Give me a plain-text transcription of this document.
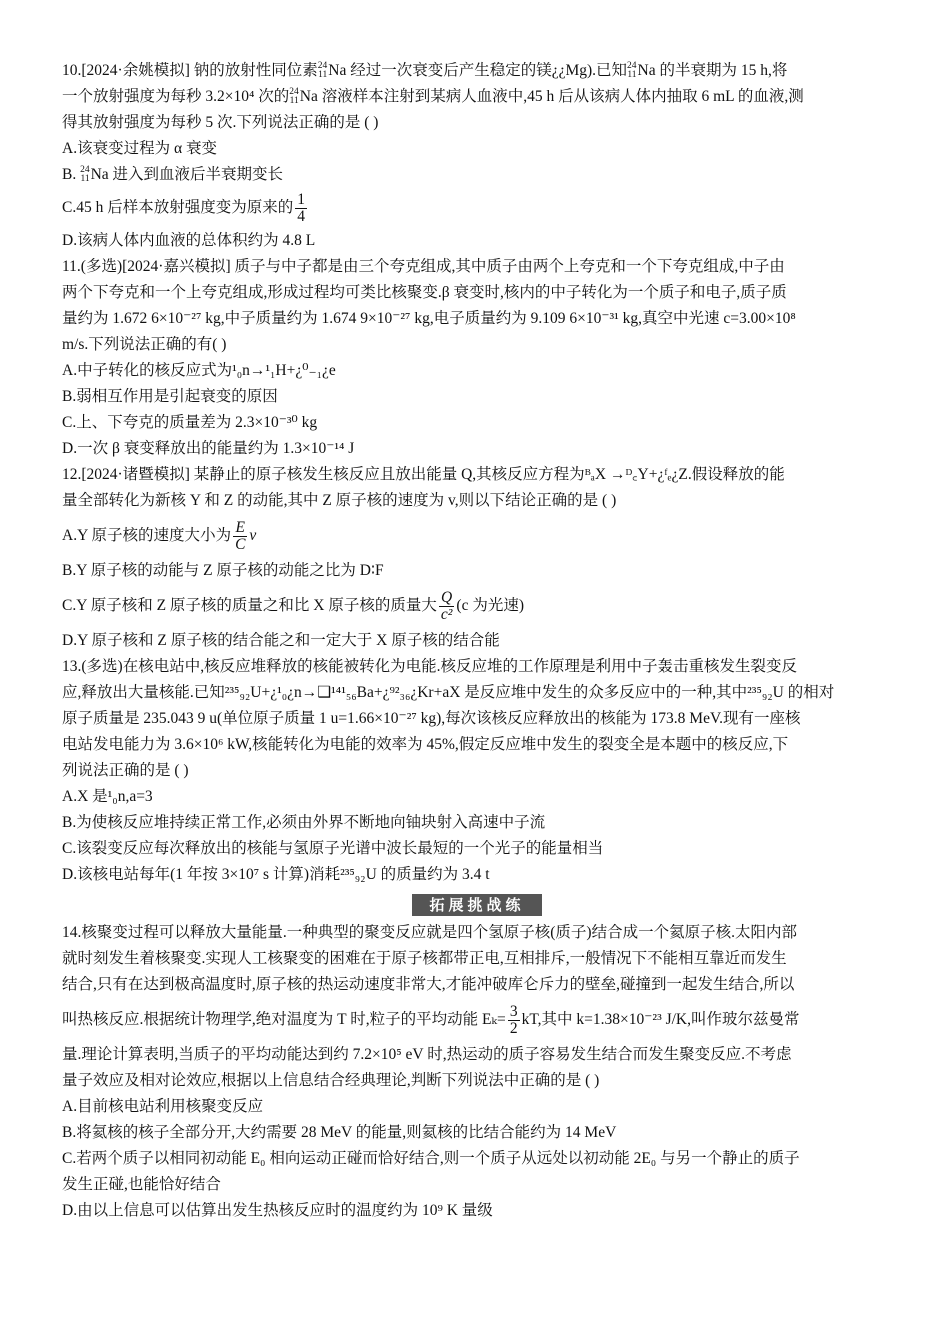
10.[2024·余姚模拟] 钠的放射性同位素 24
11 Na 经过一次衰变后产生稳定的镁¿¿Mg).已知 24
11 Na 的半衰期为 15 h,将
一个放射强度为每秒 3.2×10⁴ 次的 24
11 Na 溶液样本注射到某病人血液中,45 h 后从该病人体内抽取 6 mL 的血液,测
得其放射强度为每秒 5 次.下列说法正确的是 ( )
A.该衰变过程为 α 衰变
B. 24
11 Na 进入到血液后半衰期变长
C.45 h 后样本放射强度变为原来的 $\frac{1}{4}$
D.该病人体内血液的总体积约为 4.8 L
11.(多选)[2024·嘉兴模拟] 质子与中子都是由三个夸克组成,其中质子由两个上夸克和一个下夸克组成,中子由
两个下夸克和一个上夸克组成,形成过程均可类比核聚变.β 衰变时,核内的中子转化为一个质子和电子,质子质
量约为 1.672 6×10⁻²⁷ kg,中子质量约为 1.674 9×10⁻²⁷ kg,电子质量约为 9.109 6×10⁻³¹ kg,真空中光速 c=3.00×10⁸
m/s.下列说法正确的有( )
A.中子转化的核反应式为¹₀n→¹₁H+¿⁰₋₁¿e
B.弱相互作用是引起衰变的原因
C.上、下夸克的质量差为 2.3×10⁻³⁰ kg
D.一次 β 衰变释放出的能量约为 1.3×10⁻¹⁴ J
12.[2024·诸暨模拟] 某静止的原子核发生核反应且放出能量 Q,其核反应方程为ᴮₐX →ᴰ꜀Y+¿ᶠₑ¿Z.假设释放的能
量全部转化为新核 Y 和 Z 的动能,其中 Z 原子核的速度为 v,则以下结论正确的是 ( )
A.Y 原子核的速度大小为 $\frac{E}{C}$ v
B.Y 原子核的动能与 Z 原子核的动能之比为 D∶F
C.Y 原子核和 Z 原子核的质量之和比 X 原子核的质量大 $\frac{Q}{\text{c²}} (c$ 为光速)
D.Y 原子核和 Z 原子核的结合能之和一定大于 X 原子核的结合能
13.(多选)在核电站中,核反应堆释放的核能被转化为电能.核反应堆的工作原理是利用中子轰击重核发生裂变反
应,释放出大量核能.已知²³⁵₉₂U+¿¹₀¿n→❑¹⁴¹₅₆Ba+¿⁹²₃₆¿Kr+aX 是反应堆中发生的众多反应中的一种,其中²³⁵₉₂U 的相对
原子质量是 235.043 9 u(单位原子质量 1 u=1.66×10⁻²⁷ kg),每次该核反应释放出的核能为 173.8 MeV.现有一座核
电站发电能力为 3.6×10⁶ kW,核能转化为电能的效率为 45%,假定反应堆中发生的裂变全是本题中的核反应,下
列说法正确的是 ( )
A.X 是¹₀n,a=3
B.为使核反应堆持续正常工作,必须由外界不断地向铀块射入高速中子流
C.该裂变反应每次释放出的核能与氢原子光谱中波长最短的一个光子的能量相当
D.该核电站每年(1 年按 3×10⁷ s 计算)消耗²³⁵₉₂U 的质量约为 3.4 t
拓展挑战练
14.核聚变过程可以释放大量能量.一种典型的聚变反应就是四个氢原子核(质子)结合成一个氦原子核.太阳内部
就时刻发生着核聚变.实现人工核聚变的困难在于原子核都带正电,互相排斥,一般情况下不能相互靠近而发生
结合,只有在达到极高温度时,原子核的热运动速度非常大,才能冲破库仑斥力的壁垒,碰撞到一起发生结合,所以
叫热核反应.根据统计物理学,绝对温度为 T 时,粒子的平均动能 $E_k= \frac{3}{2}$ kT,其中 k=1.38×10⁻²³ J/K,叫作玻尔兹曼常
量.理论计算表明,当质子的平均动能达到约 7.2×10⁵ eV 时,热运动的质子容易发生结合而发生聚变反应.不考虑
量子效应及相对论效应,根据以上信息结合经典理论,判断下列说法中正确的是 ( )
A.目前核电站利用核聚变反应
B.将氦核的核子全部分开,大约需要 28 MeV 的能量,则氦核的比结合能约为 14 MeV
C.若两个质子以相同初动能 E₀ 相向运动正碰而恰好结合,则一个质子从远处以初动能 2E₀ 与另一个静止的质子
发生正碰,也能恰好结合
D.由以上信息可以估算出发生热核反应时的温度约为 10⁹ K 量级
